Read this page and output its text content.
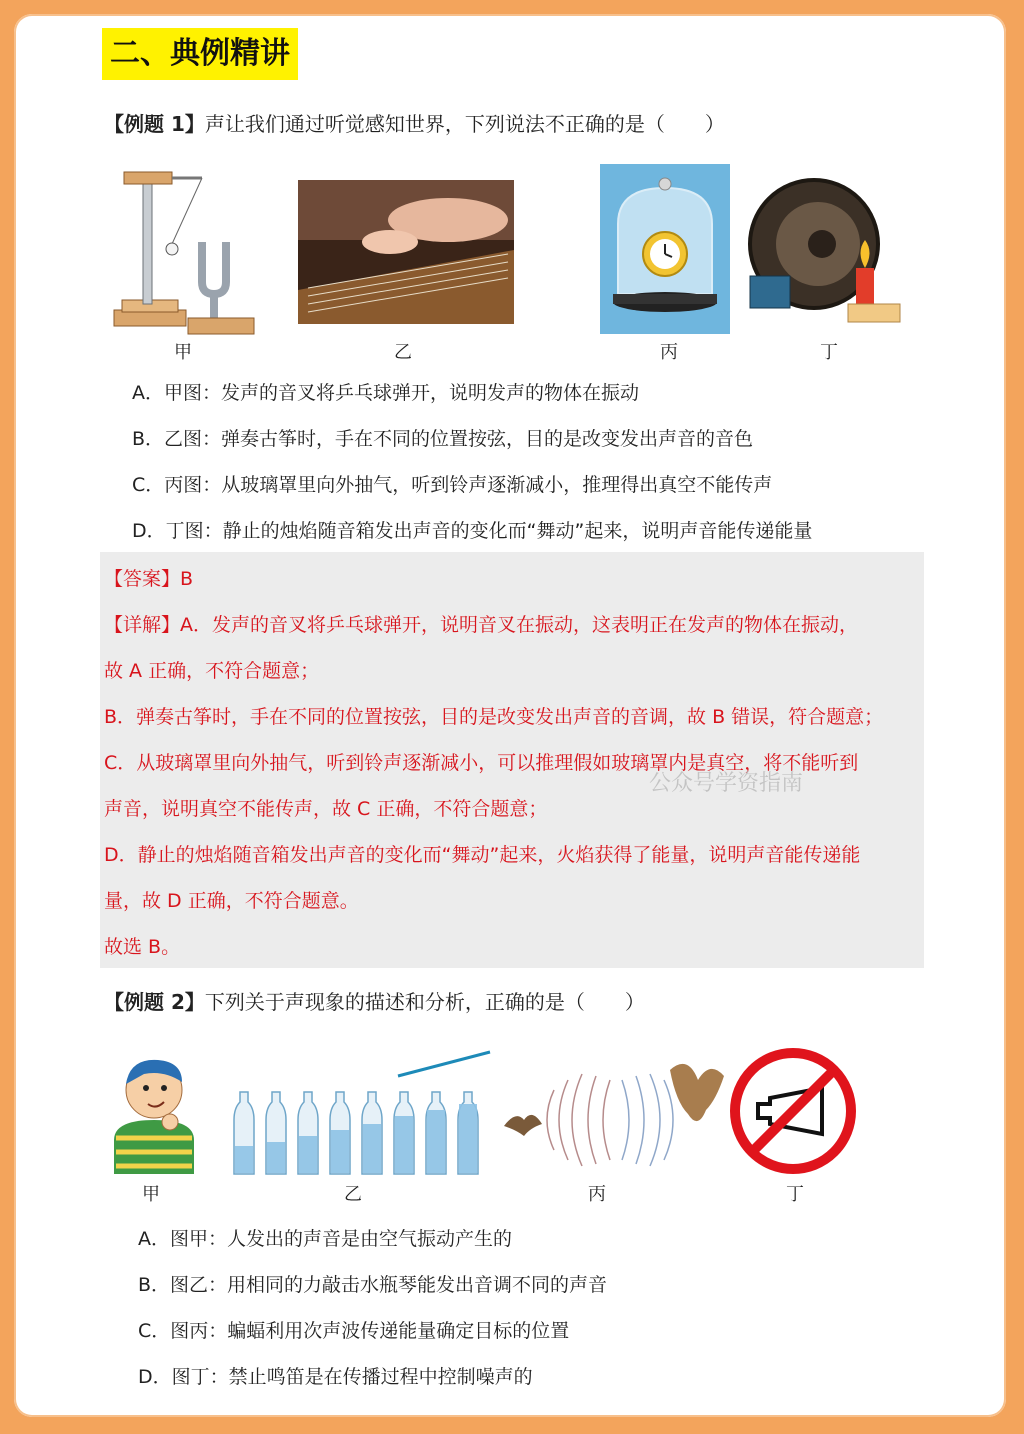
二、典例精讲
【例题 1】声让我们通过听觉感知世界，下列说法不正确的是（　　）
甲	乙	丙	丁
A．甲图：发声的音叉将乒乓球弹开，说明发声的物体在振动
B．乙图：弹奏古筝时，手在不同的位置按弦，目的是改变发出声音的音色
C．丙图：从玻璃罩里向外抽气，听到铃声逐渐减小，推理得出真空不能传声
D．丁图：静止的烛焰随音箱发出声音的变化而“舞动”起来，说明声音能传递能量
【答案】B
【详解】A．发声的音叉将乒乓球弹开，说明音叉在振动，这表明正在发声的物体在振动，
故 A 正确，不符合题意；
B．弹奏古筝时，手在不同的位置按弦，目的是改变发出声音的音调，故 B 错误，符合题意；
C．从玻璃罩里向外抽气，听到铃声逐渐减小，可以推理假如玻璃罩内是真空，将不能听到
声音，说明真空不能传声，故 C 正确，不符合题意；
D．静止的烛焰随音箱发出声音的变化而“舞动”起来，火焰获得了能量，说明声音能传递能
量，故 D 正确，不符合题意。
故选 B。
公众号学资指南
【例题 2】下列关于声现象的描述和分析，正确的是（　　）
甲	乙	丙	丁
A．图甲：人发出的声音是由空气振动产生的
B．图乙：用相同的力敲击水瓶琴能发出音调不同的声音
C．图丙：蝙蝠利用次声波传递能量确定目标的位置
D．图丁：禁止鸣笛是在传播过程中控制噪声的
